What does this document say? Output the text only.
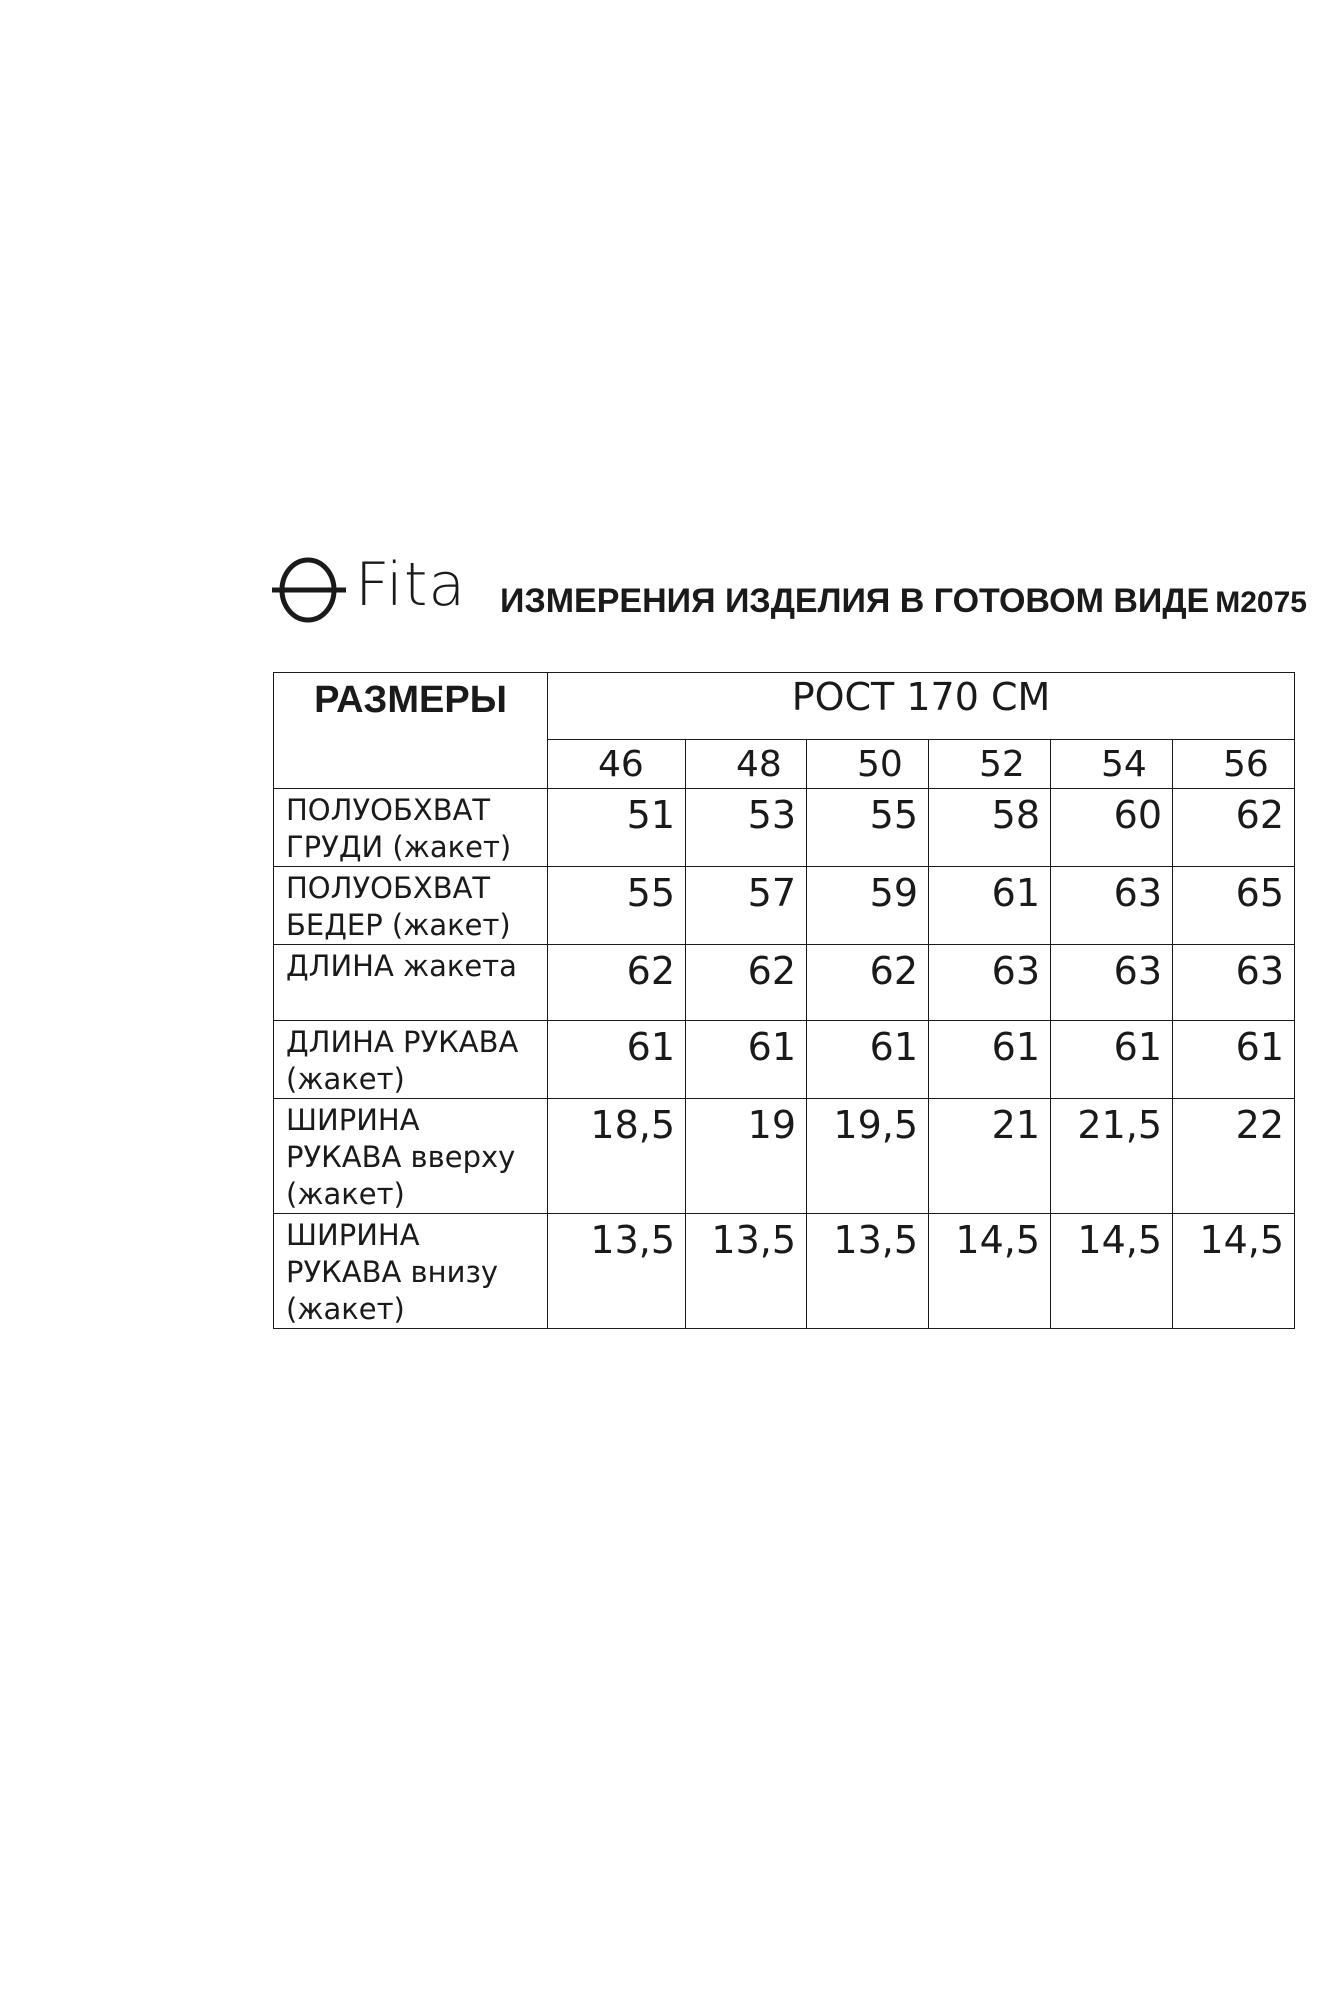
Fita ИЗМЕРЕНИЯ ИЗДЕЛИЯ В ГОТОВОМ ВИДЕ М2075
РАЗМЕРЫ	РОСТ 170 СМ					
	46	48	50	52	54	56
ПОЛУОБХВАТ
ГРУДИ (жакет)	51	53	55	58	60	62
ПОЛУОБХВАТ
БЕДЕР (жакет)	55	57	59	61	63	65
ДЛИНА жакета	62	62	62	63	63	63
ДЛИНА РУКАВА
(жакет)	61	61	61	61	61	61
ШИРИНА
РУКАВА вверху
(жакет)	18,5	19	19,5	21	21,5	22
ШИРИНА
РУКАВА внизу
(жакет)	13,5	13,5	13,5	14,5	14,5	14,5
